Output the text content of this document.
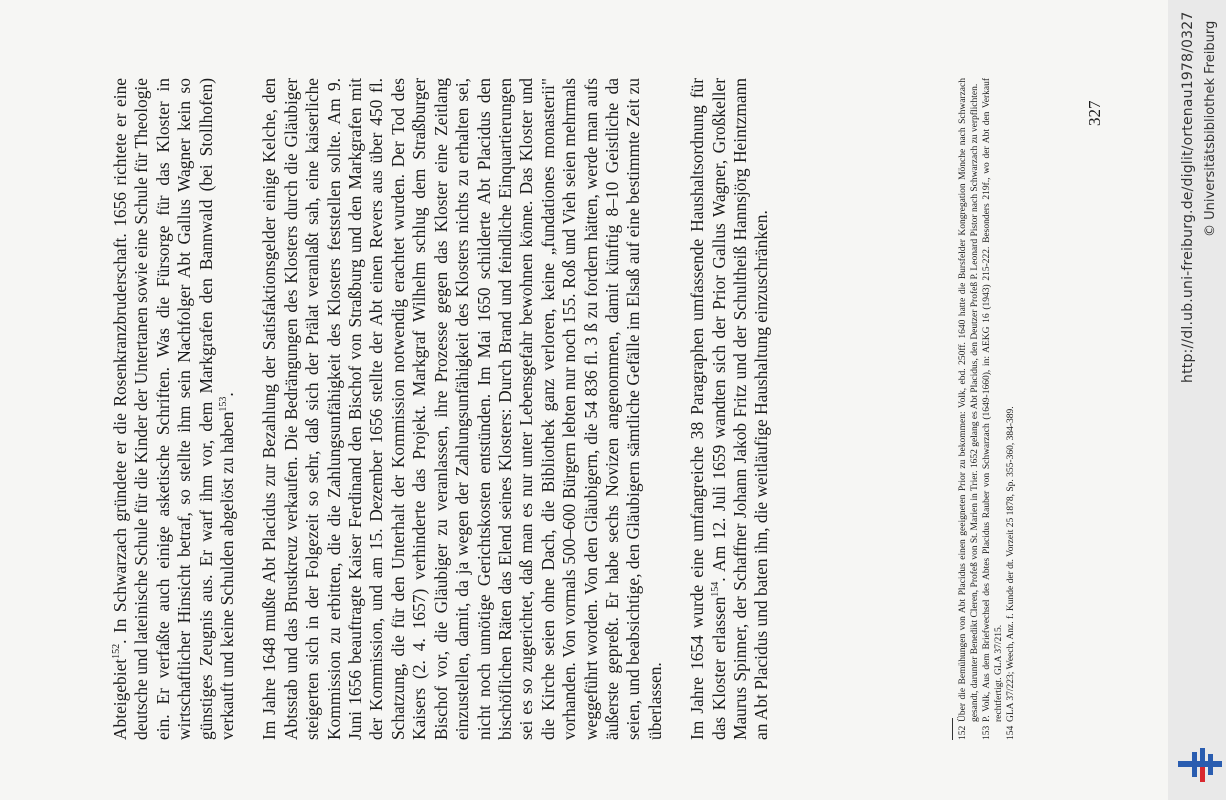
Abteigebiet$^{152}$. In Schwarzach gründete er die Rosenkranzbruderschaft. 1656 richtete er eine deutsche und lateinische Schule für die Kinder der Untertanen sowie eine Schule für Theologie ein. Er verfaßte auch einige asketische Schriften. Was die Fürsorge für das Kloster in wirtschaftlicher Hinsicht betraf, so stellte ihm sein Nachfolger Abt Gallus Wagner kein so günstiges Zeugnis aus. Er warf ihm vor, dem Markgrafen den Bannwald (bei Stollhofen) verkauft und keine Schulden abgelöst zu haben$^{153}$. Im Jahre 1648 mußte Abt Placidus zur Bezahlung der Satisfaktionsgelder einige Kelche, den Abtsstab und das Brustkreuz verkaufen. Die Bedrängungen des Klosters durch die Gläubiger steigerten sich in der Folgezeit so sehr, daß sich der Prälat veranlaßt sah, eine kaiserliche Kommission zu erbitten, die die Zahlungsunfähigkeit des Klosters feststellen sollte. Am 9. Juni 1656 beauftragte Kaiser Ferdinand den Bischof von Straßburg und den Markgrafen mit der Kommission, und am 15. Dezember 1656 stellte der Abt einen Revers aus über 450 fl. Schatzung, die für den Unterhalt der Kommission notwendig erachtet wurden. Der Tod des Kaisers (2. 4. 1657) verhinderte das Projekt. Markgraf Wilhelm schlug dem Straßburger Bischof vor, die Gläubiger zu veranlassen, ihre Prozesse gegen das Kloster eine Zeitlang einzustellen, damit, da ja wegen der Zahlungsunfähigkeit des Klosters nichts zu erhalten sei, nicht noch unnötige Gerichtskosten entstünden. Im Mai 1650 schilderte Abt Placidus den bischöflichen Räten das Elend seines Klosters: Durch Brand und feindliche Einquartierungen sei es so zugerichtet, daß man es nur unter Lebensgefahr bewohnen könne. Das Kloster und die Kirche seien ohne Dach, die Bibliothek ganz verloren, keine „fundationes monasterii" vorhanden. Von vormals 500–600 Bürgern lebten nur noch 155. Roß und Vieh seien mehrmals weggeführt worden. Von den Gläubigern, die 54 836 fl. 3 ß zu fordern hätten, werde man aufs äußerste gepreßt. Er habe sechs Novizen angenommen, damit künftig 8–10 Geistliche da seien, und beabsichtige, den Gläubigern sämtliche Gefälle im Elsaß auf eine bestimmte Zeit zu überlassen. Im Jahre 1654 wurde eine umfangreiche 38 Paragraphen umfassende Haushaltsordnung für das Kloster erlassen$^{154}$. Am 12. Juli 1659 wandten sich der Prior Gallus Wagner, Großkeller Maurus Spinner, der Schaffner Johann Jakob Fritz und der Schultheiß Hannsjörg Heintzmann an Abt Placidus und baten ihn, die weitläufige Haushaltung einzuschränken.	152
Über die Bemühungen von Abt Placidus einen geeigneten Prior zu bekommen: Volk, ebd. 250ff. 1640 hatte die Bursfelder Kongregation Mönche nach Schwarzach gesandt, darunter Benedikt Cleren, Profeß von St. Marien in Trier. 1652 gelang es Abt Placidus, den Deutzer Profeß P. Leonard Pistor nach Schwarzach zu verpflichten.

153
P. Volk, Aus dem Briefwechsel des Abtes Placidus Rauber von Schwarzach (1649-1660), in: AEKG 16 (1943) 215-222. Besonders 219f., wo der Abt den Verkauf rechtfertigt. GLA 37/215.

154
GLA 37/223; Weech, Anz. f. Kunde der dt. Vorzeit 25 1878, Sp. 355-360, 384-389.

327	http://dl.ub.uni-freiburg.de/diglit/ortenau1978/0327 © Universitätsbibliothek Freiburg
